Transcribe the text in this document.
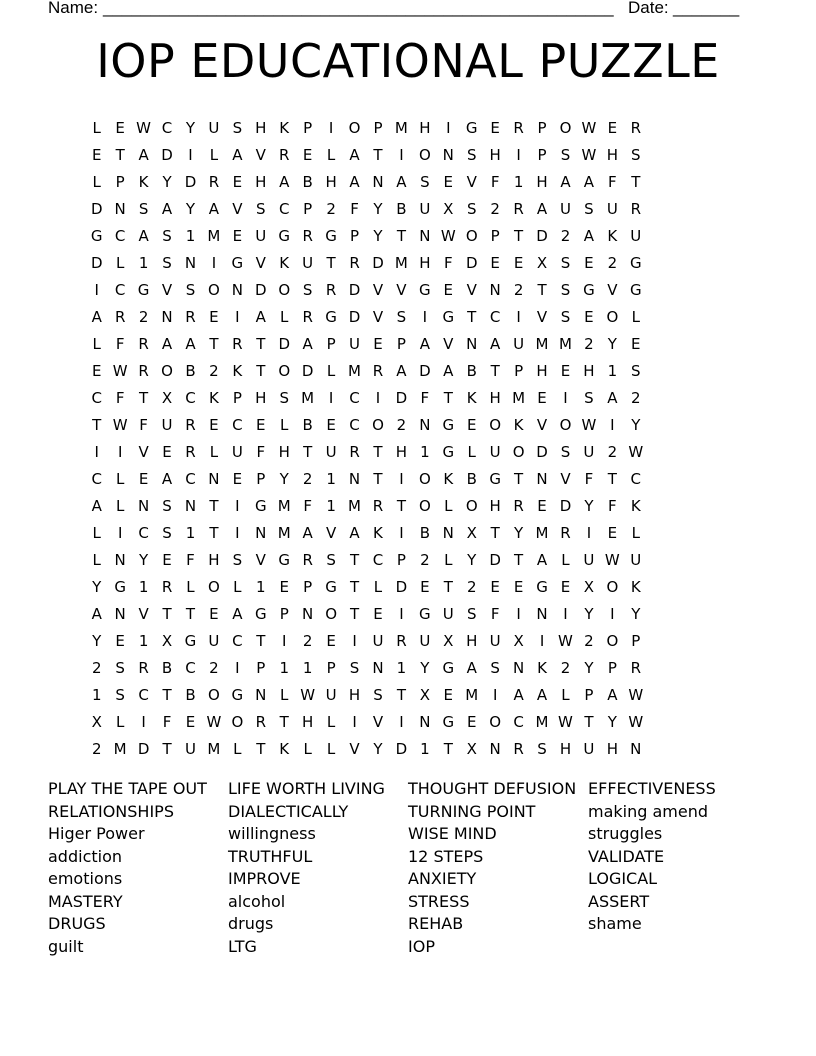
Name: ______________________________________________________ Date: _______
IOP EDUCATIONAL PUZZLE
L E W C Y U S H K P	I	O P M H	I	G E R P O W E R
E T A D	I	L A V R E L A T	I	O N S H	I	P S W H S
L P K Y D R E H A B H A N A S E V F 1 H A A F T
D N S A Y A V S C P 2 F Y B U X S 2 R A U S U R
G C A S 1 M E U G R G P Y T N W O P T D 2 A K U
D L 1 S N	I	G V K U T R D M H F D E E X S E 2 G
I	C G V S O N D O S R D V V G E V N 2 T S G V G
A R 2 N R E	I	A L R G D V S	I	G T C	I	V S E O L
L F R A A T R T D A P U E P A V N A U M M 2 Y E
E W R O B 2 K T O D L M R A D A B T P H E H 1 S
C F T X C K P H S M I	C	I	D F T K H M E	I	S A 2
T W F U R E C E L B E C O 2 N G E O K V O W I	Y
I	I	V E R L U F H T U R T H 1 G L U O D S U 2 W
C L E A C N E P Y 2 1 N T	I	O K B G T N V F T C
A L N S N T	I	G M F 1 M R T O L O H R E D Y F K
L	I	C S 1 T	I	N M A V A K	I	B N X T Y M R	I	E L
L N Y E F H S V G R S T C P 2 L Y D T A L U W U
Y G 1 R L O L 1 E P G T L D E T 2 E E G E X O K
A N V T T E A G P N O T E	I	G U S F	I	N	I	Y	I	Y
Y E 1 X G U C T	I	2 E	I	U R U X H U X	I W 2 O P
2 S R B C 2	I	P 1 1 P S N 1 Y G A S N K 2 Y P R
1 S C T B O G N L W U H S T X E M I	A A L P A W
X L	I	F E W O R T H L	I	V	I	N G E O C M W T Y W
2 M D T U M L T K L	L V Y D 1 T X N R S H U H N
PLAY THE TAPE OUT
RELATIONSHIPS
Higer Power
addiction
emotions
MASTERY
DRUGS
guilt
LIFE WORTH LIVING
DIALECTICALLY
willingness
TRUTHFUL
IMPROVE
alcohol
drugs
LTG
THOUGHT DEFUSION
TURNING POINT
WISE MIND
12 STEPS
ANXIETY
STRESS
REHAB
IOP
EFFECTIVENESS
making amend
struggles
VALIDATE
LOGICAL
ASSERT
shame
